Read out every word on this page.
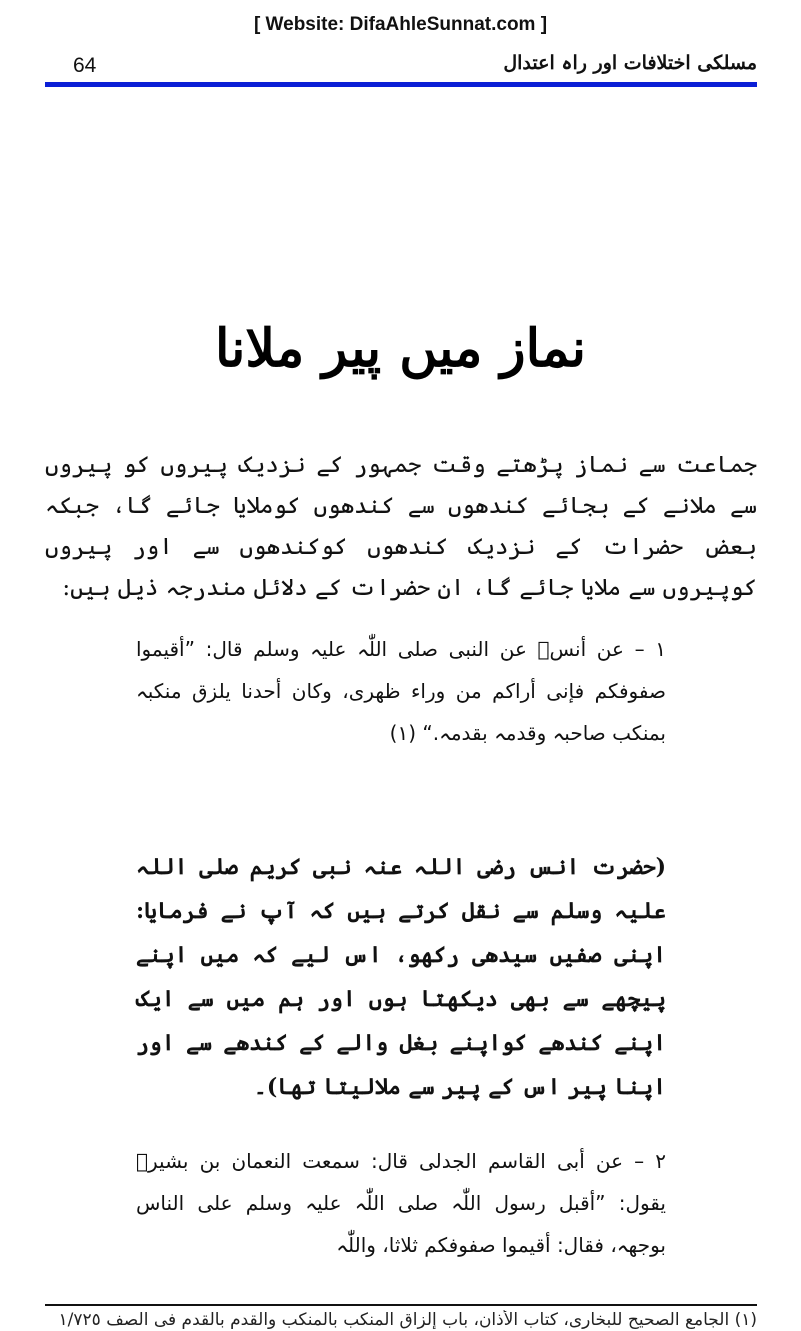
[ Website: DifaAhleSunnat.com ]
64	مسلکی اختلافات اور راہ اعتدال
نماز میں پیر ملانا
جماعت سے نماز پڑھتے وقت جمہور کے نزدیک پیروں کو پیروں سے ملانے کے بجائے کندھوں سے کندھوں کوملایا جائے گا، جبکہ بعض حضرات کے نزدیک کندھوں کوکندھوں سے اور پیروں کوپیروں سے ملایا جائے گا، ان حضرات کے دلائل مندرجہ ذیل ہیں:
١ – عن أنسؓ عن النبی صلی اللّٰہ علیہ وسلم قال: ”أقیموا صفوفکم فإنی أراکم من وراء ظھری، وکان أحدنا یلزق منکبہ بمنکب صاحبہ وقدمہ بقدمہ.“ (١)
(حضرت انس رضی اللہ عنہ نبی کریم صلی اللہ علیہ وسلم سے نقل کرتے ہیں کہ آپ نے فرمایا: اپنی صفیں سیدھی رکھو، اس لیے کہ میں اپنے پیچھے سے بھی دیکھتا ہوں اور ہم میں سے ایک اپنے کندھے کواپنے بغل والے کے کندھے سے اور اپنا پیر اس کے پیر سے ملالیتا تھا)۔
٢ – عن أبی القاسم الجدلی قال: سمعت النعمان بن بشیرؓ یقول: ”أقبل رسول اللّٰہ صلی اللّٰہ علیہ وسلم علی الناس بوجھہ، فقال: أقیموا صفوفکم ثلاثا، واللّٰہ
(١) الجامع الصحیح للبخاری، کتاب الأذان، باب إلزاق المنکب بالمنکب والقدم بالقدم فی الصف ١/٧٢٥
